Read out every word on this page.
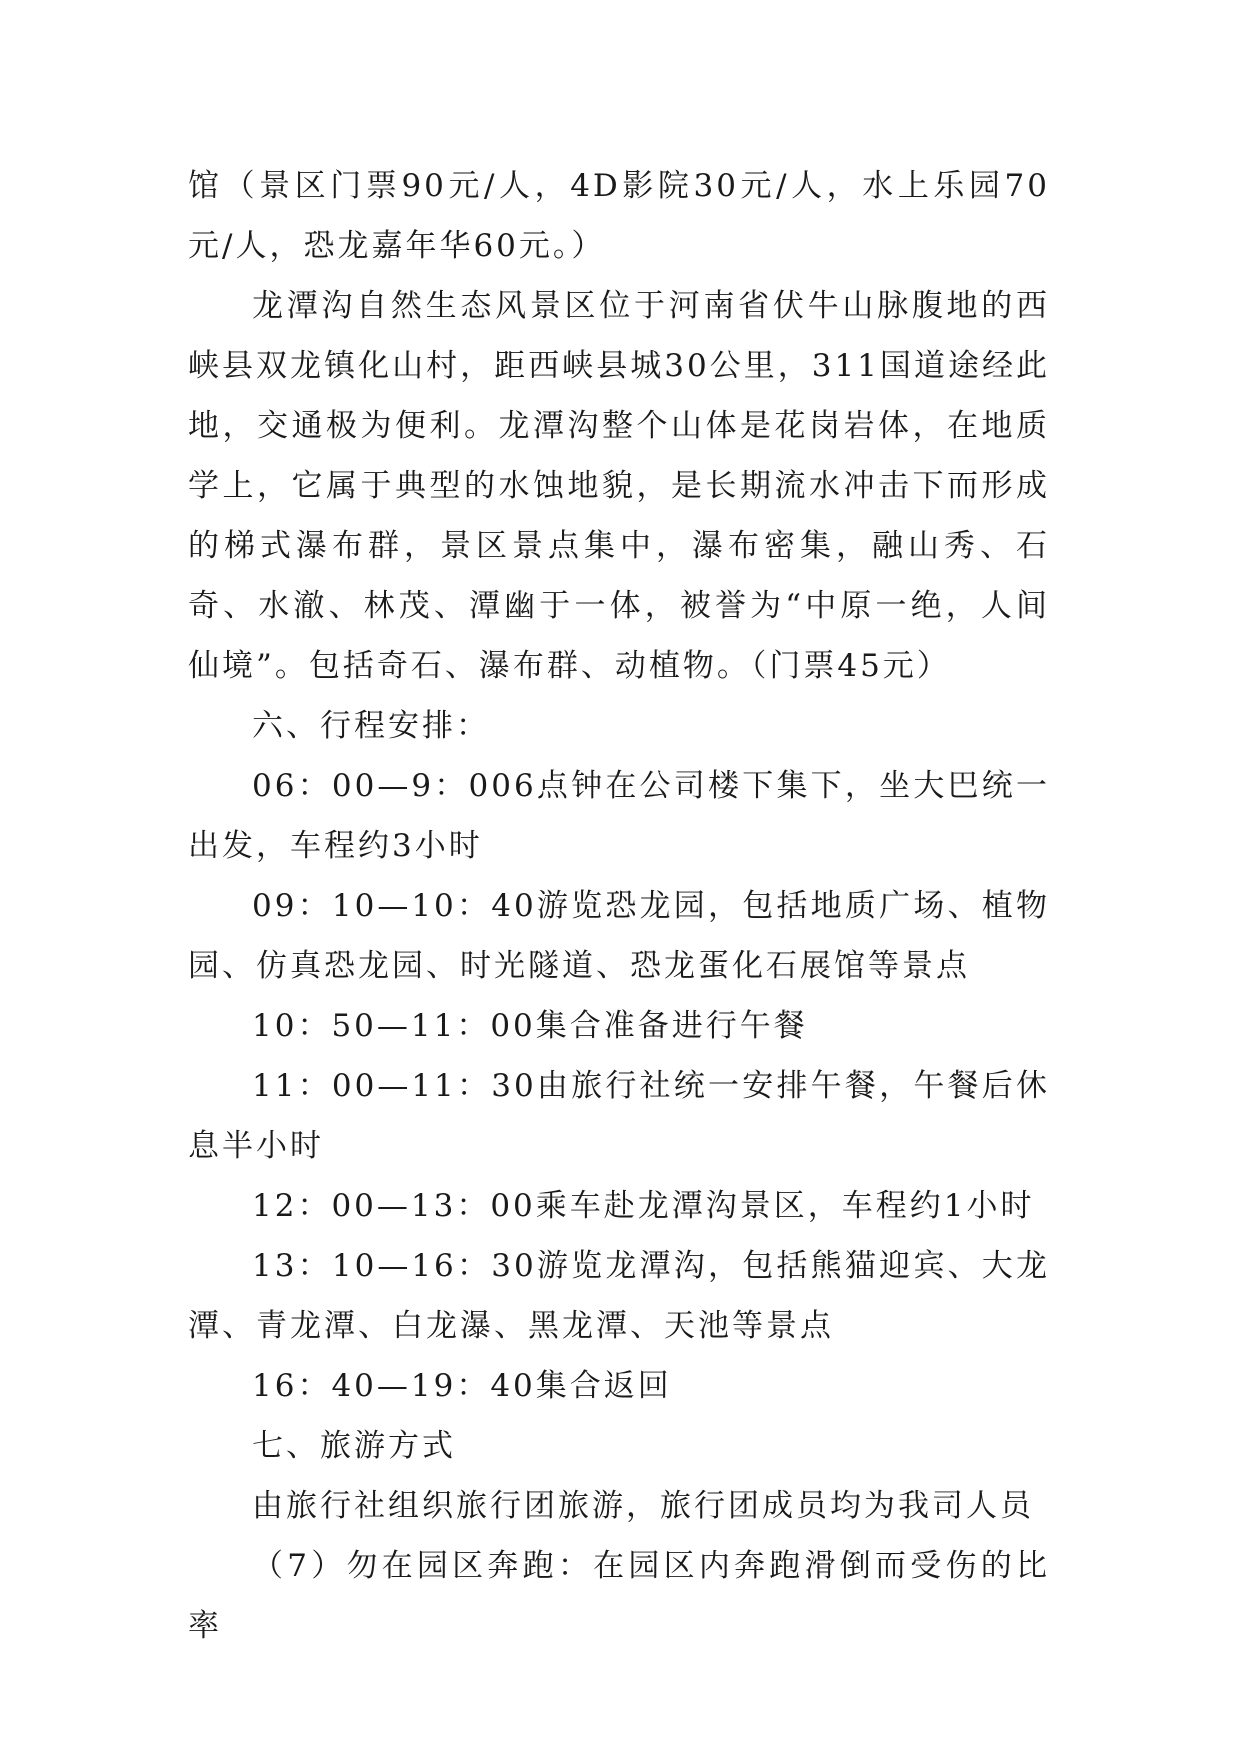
馆（景区门票90元/人，4D影院30元/人，水上乐园70元/人，恐龙嘉年华60元。）

龙潭沟自然生态风景区位于河南省伏牛山脉腹地的西峡县双龙镇化山村，距西峡县城30公里，311国道途经此地，交通极为便利。龙潭沟整个山体是花岗岩体，在地质学上，它属于典型的水蚀地貌，是长期流水冲击下而形成的梯式瀑布群，景区景点集中，瀑布密集，融山秀、石奇、水澈、林茂、潭幽于一体，被誉为“中原一绝，人间仙境”。包括奇石、瀑布群、动植物。（门票45元）

六、行程安排：

06：00—9：006点钟在公司楼下集下，坐大巴统一出发，车程约3小时

09：10—10：40游览恐龙园，包括地质广场、植物园、仿真恐龙园、时光隧道、恐龙蛋化石展馆等景点

10：50—11：00集合准备进行午餐

11：00—11：30由旅行社统一安排午餐，午餐后休息半小时

12：00—13：00乘车赴龙潭沟景区，车程约1小时

13：10—16：30游览龙潭沟，包括熊猫迎宾、大龙潭、青龙潭、白龙瀑、黑龙潭、天池等景点

16：40—19：40集合返回

七、旅游方式

由旅行社组织旅行团旅游，旅行团成员均为我司人员

（7）勿在园区奔跑：在园区内奔跑滑倒而受伤的比率
